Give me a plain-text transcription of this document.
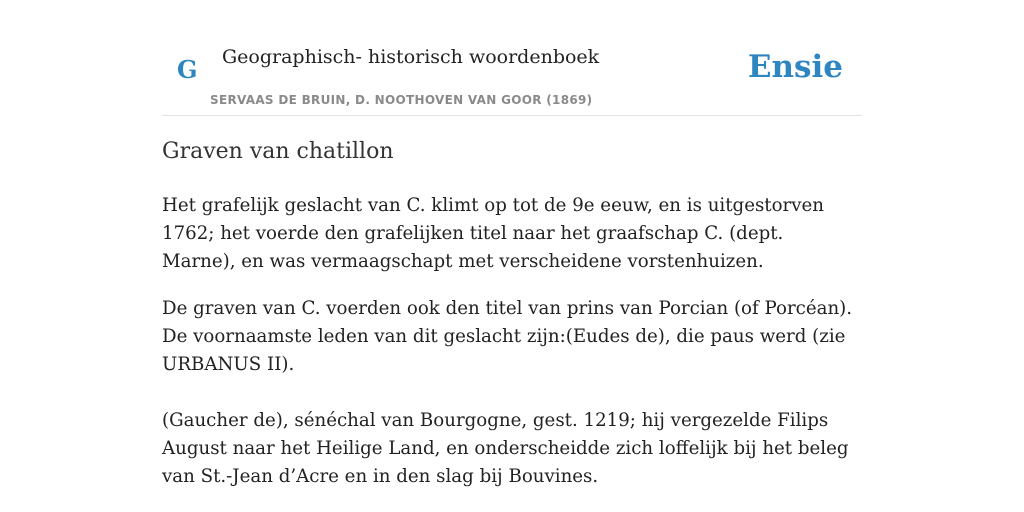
G Geographisch- historisch woordenboek
SERVAAS DE BRUIN, D. NOOTHOVEN VAN GOOR (1869)
Ensie
Graven van chatillon

Het grafelijk geslacht van C. klimt op tot de 9e eeuw, en is uitgestorven 1762; het voerde den grafelijken titel naar het graafschap C. (dept. Marne), en was vermaagschapt met verscheidene vorstenhuizen.

De graven van C. voerden ook den titel van prins van Porcian (of Porcéan). De voornaamste leden van dit geslacht zijn:(Eudes de), die paus werd (zie URBANUS II).

(Gaucher de), sénéchal van Bourgogne, gest. 1219; hij vergezelde Filips August naar het Heilige Land, en onderscheidde zich loffelijk bij het beleg van St.-Jean d’Acre en in den slag bij Bouvines.
